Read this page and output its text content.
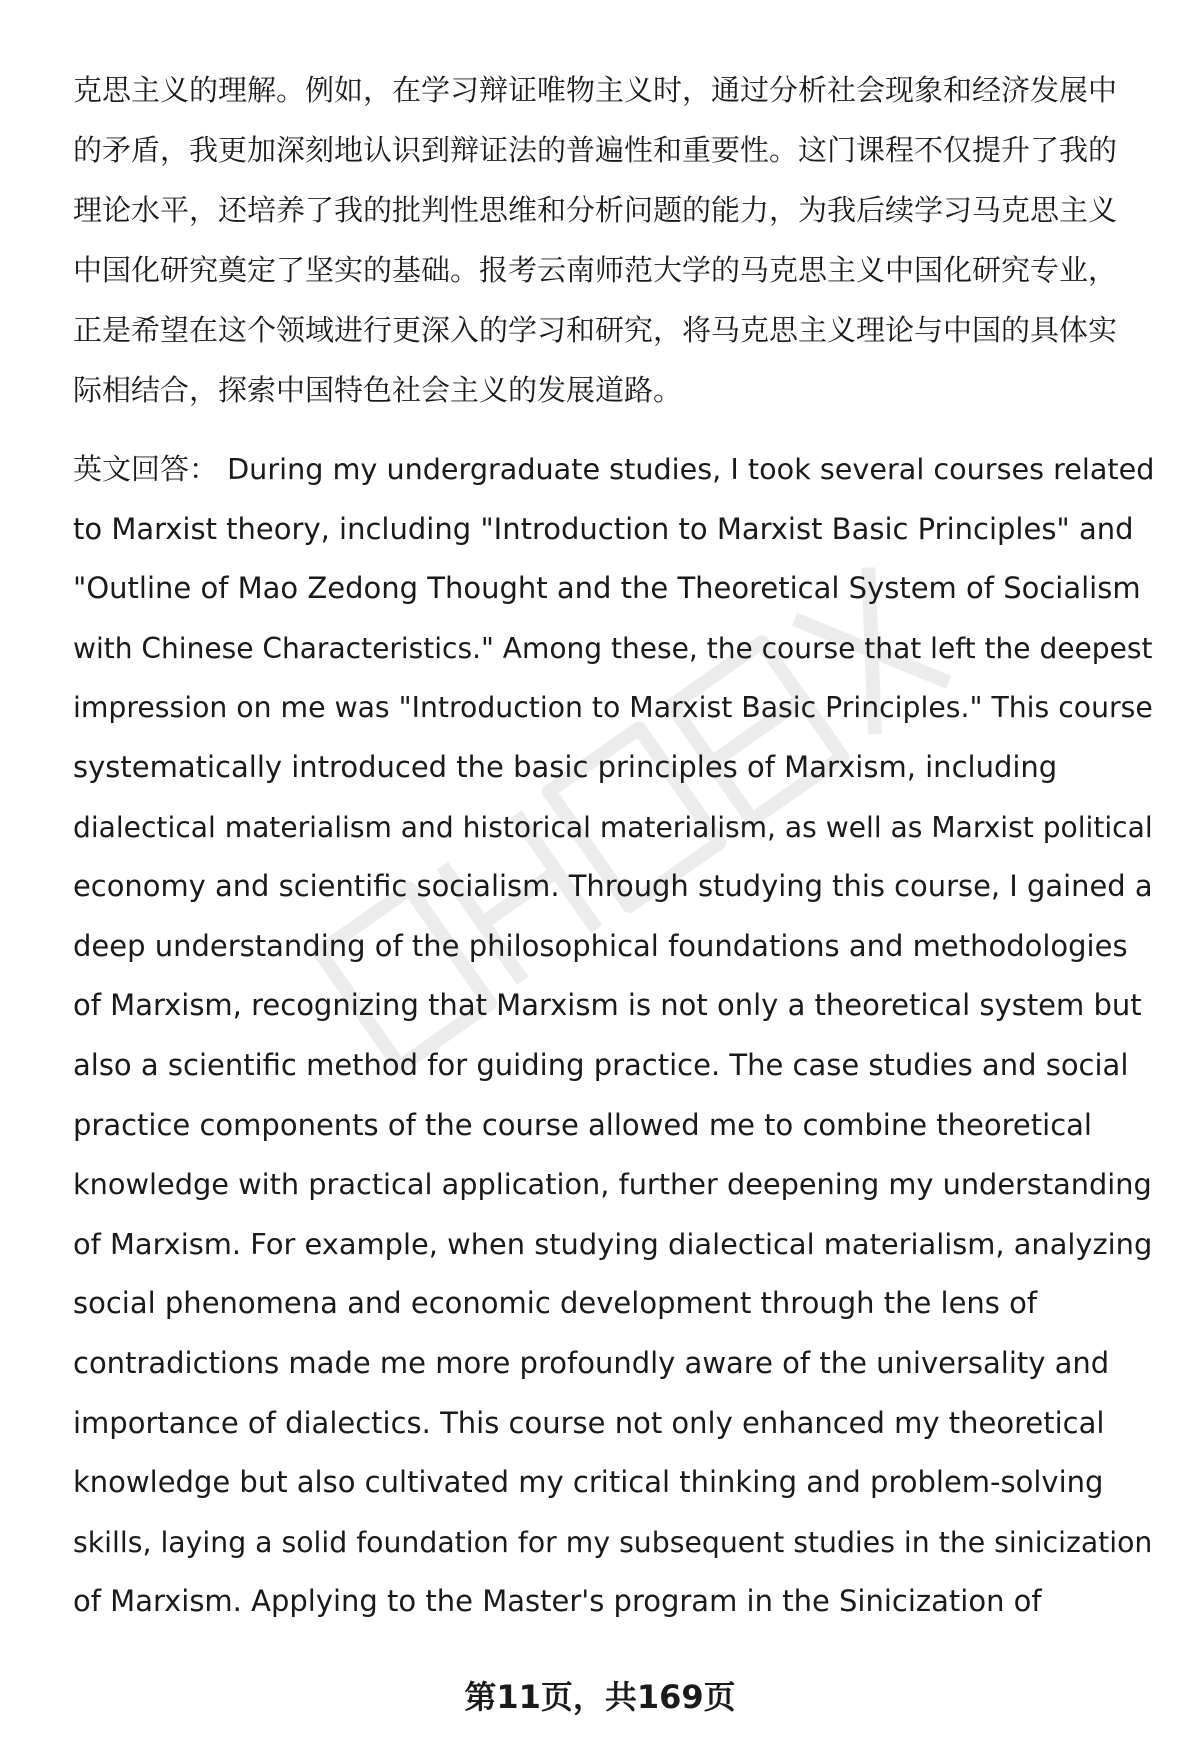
克思主义的理解。例如，在学习辩证唯物主义时，通过分析社会现象和经济发展中
的矛盾，我更加深刻地认识到辩证法的普遍性和重要性。这门课程不仅提升了我的
理论水平，还培养了我的批判性思维和分析问题的能力，为我后续学习马克思主义
中国化研究奠定了坚实的基础。报考云南师范大学的马克思主义中国化研究专业，
正是希望在这个领域进行更深入的学习和研究，将马克思主义理论与中国的具体实
际相结合，探索中国特色社会主义的发展道路。
英文回答： During my undergraduate studies, I took several courses related
to Marxist theory, including "Introduction to Marxist Basic Principles" and
"Outline of Mao Zedong Thought and the Theoretical System of Socialism
with Chinese Characteristics." Among these, the course that left the deepest
impression on me was "Introduction to Marxist Basic Principles." This course
systematically introduced the basic principles of Marxism, including
dialectical materialism and historical materialism, as well as Marxist political
economy and scientific socialism. Through studying this course, I gained a
deep understanding of the philosophical foundations and methodologies
of Marxism, recognizing that Marxism is not only a theoretical system but
also a scientific method for guiding practice. The case studies and social
practice components of the course allowed me to combine theoretical
knowledge with practical application, further deepening my understanding
of Marxism. For example, when studying dialectical materialism, analyzing
social phenomena and economic development through the lens of
contradictions made me more profoundly aware of the universality and
importance of dialectics. This course not only enhanced my theoretical
knowledge but also cultivated my critical thinking and problem-solving
skills, laying a solid foundation for my subsequent studies in the sinicization
of Marxism. Applying to the Master's program in the Sinicization of
第11页，共169页
